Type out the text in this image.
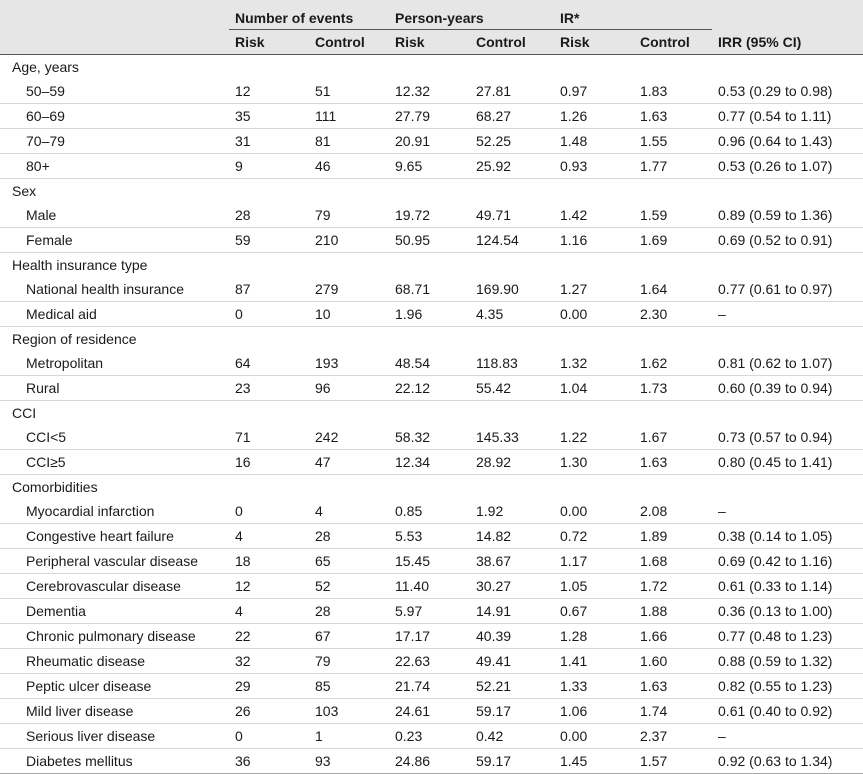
	Number of events		Person-years		IR*		
	Risk	Control	Risk	Control	Risk	Control	IRR (95% CI)
Age, years							
50–59	12	51	12.32	27.81	0.97	1.83	0.53 (0.29 to 0.98)
60–69	35	111	27.79	68.27	1.26	1.63	0.77 (0.54 to 1.11)
70–79	31	81	20.91	52.25	1.48	1.55	0.96 (0.64 to 1.43)
80+	9	46	9.65	25.92	0.93	1.77	0.53 (0.26 to 1.07)
Sex							
Male	28	79	19.72	49.71	1.42	1.59	0.89 (0.59 to 1.36)
Female	59	210	50.95	124.54	1.16	1.69	0.69 (0.52 to 0.91)
Health insurance type							
National health insurance	87	279	68.71	169.90	1.27	1.64	0.77 (0.61 to 0.97)
Medical aid	0	10	1.96	4.35	0.00	2.30	–
Region of residence							
Metropolitan	64	193	48.54	118.83	1.32	1.62	0.81 (0.62 to 1.07)
Rural	23	96	22.12	55.42	1.04	1.73	0.60 (0.39 to 0.94)
CCI							
CCI<5	71	242	58.32	145.33	1.22	1.67	0.73 (0.57 to 0.94)
CCI≥5	16	47	12.34	28.92	1.30	1.63	0.80 (0.45 to 1.41)
Comorbidities							
Myocardial infarction	0	4	0.85	1.92	0.00	2.08	–
Congestive heart failure	4	28	5.53	14.82	0.72	1.89	0.38 (0.14 to 1.05)
Peripheral vascular disease	18	65	15.45	38.67	1.17	1.68	0.69 (0.42 to 1.16)
Cerebrovascular disease	12	52	11.40	30.27	1.05	1.72	0.61 (0.33 to 1.14)
Dementia	4	28	5.97	14.91	0.67	1.88	0.36 (0.13 to 1.00)
Chronic pulmonary disease	22	67	17.17	40.39	1.28	1.66	0.77 (0.48 to 1.23)
Rheumatic disease	32	79	22.63	49.41	1.41	1.60	0.88 (0.59 to 1.32)
Peptic ulcer disease	29	85	21.74	52.21	1.33	1.63	0.82 (0.55 to 1.23)
Mild liver disease	26	103	24.61	59.17	1.06	1.74	0.61 (0.40 to 0.92)
Serious liver disease	0	1	0.23	0.42	0.00	2.37	–
Diabetes mellitus	36	93	24.86	59.17	1.45	1.57	0.92 (0.63 to 1.34)
